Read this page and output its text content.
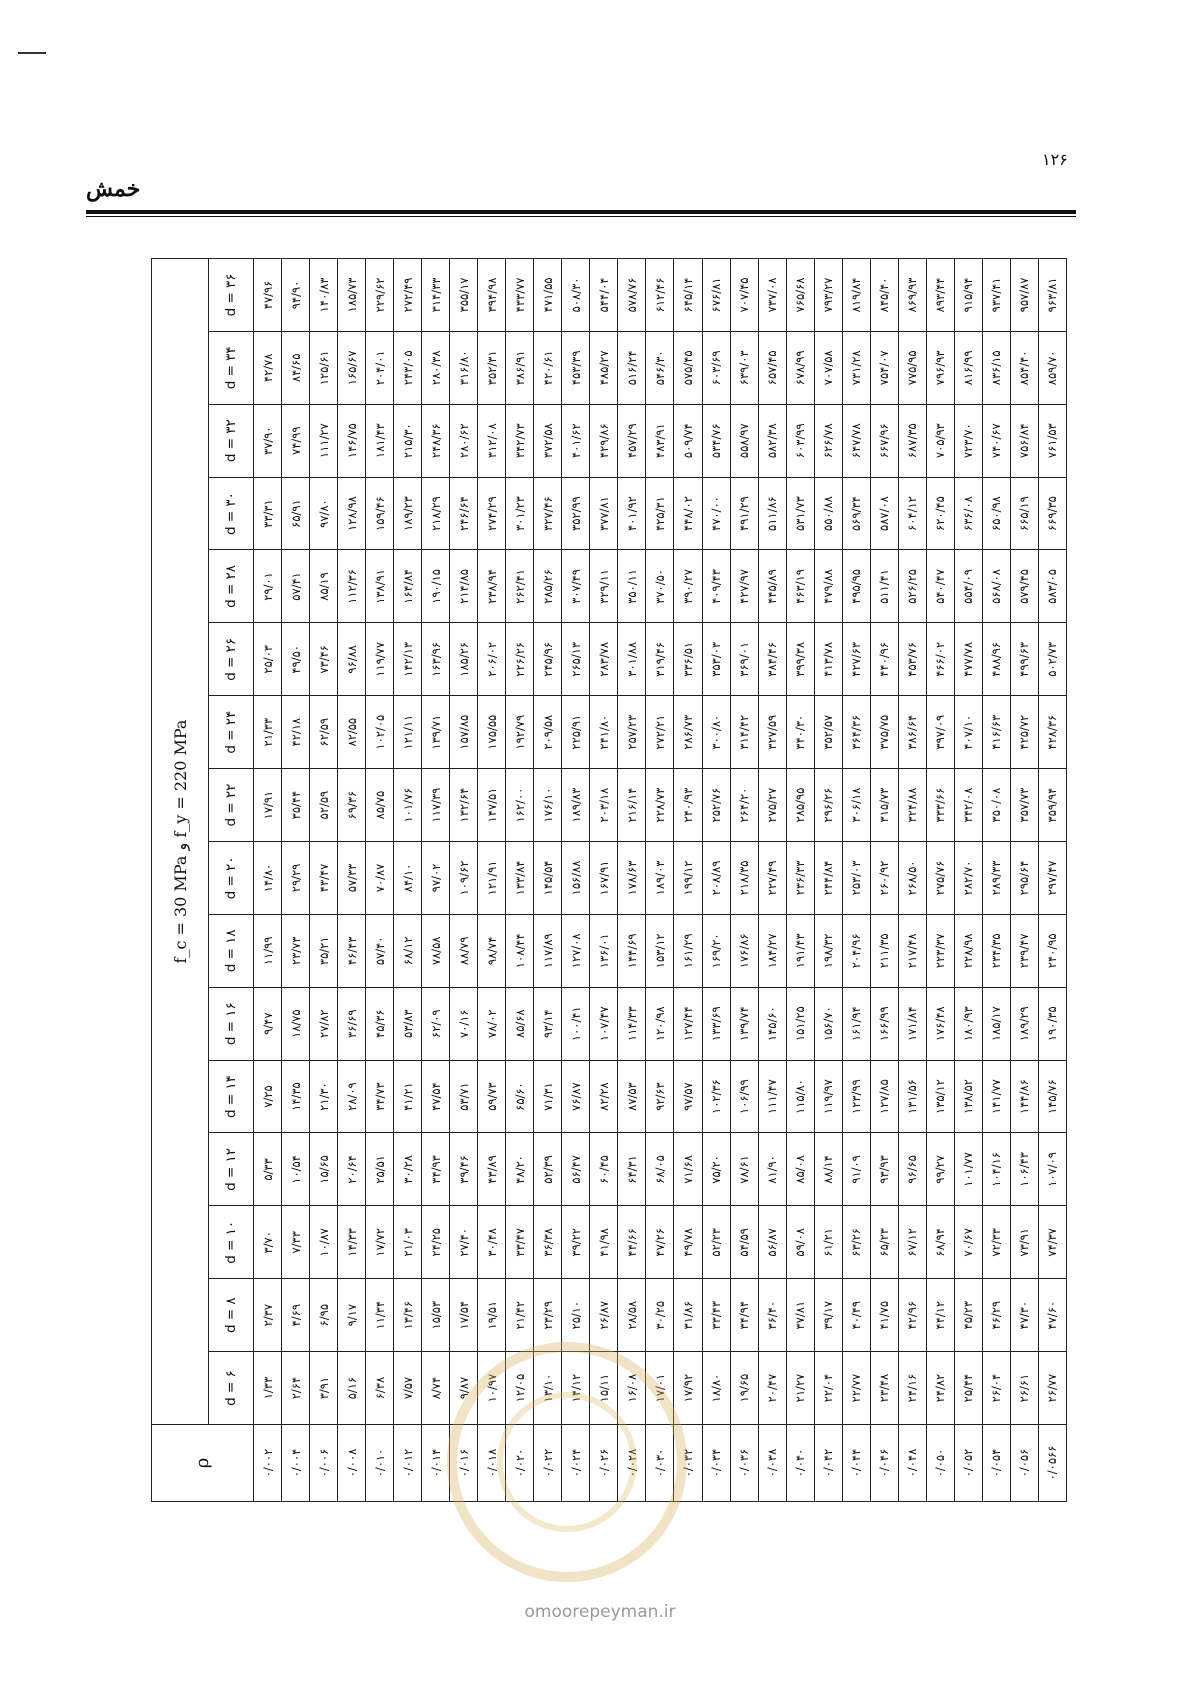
۱۲۶
خمش
ρ	f_c = 30 MPa و f_y = 220 MPa															
	d = ۶	d = ۸	d = ۱۰	d = ۱۲	d = ۱۴	d = ۱۶	d = ۱۸	d = ۲۰	d = ۲۲	d = ۲۴	d = ۲۶	d = ۲۸	d = ۳۰	d = ۳۲	d = ۳۴	d = ۳۶
۰/۰۰۲	۱/۳۳	۲/۳۷	۳/۷۰	۵/۳۳	۷/۲۵	۹/۴۷	۱۱/۹۹	۱۴/۸۰	۱۷/۹۱	۲۱/۳۳	۲۵/۰۳	۲۹/۰۱	۳۳/۳۱	۳۷/۹۰	۴۲/۷۸	۴۷/۹۶
۰/۰۰۴	۲/۶۴	۴/۶۹	۷/۳۳	۱۰/۵۴	۱۴/۳۵	۱۸/۷۵	۲۳/۷۳	۲۹/۲۹	۳۵/۴۴	۴۲/۱۸	۴۹/۵۰	۵۷/۴۱	۶۵/۹۱	۷۴/۹۹	۸۴/۶۵	۹۴/۹۰
۰/۰۰۶	۳/۹۱	۶/۹۵	۱۰/۸۷	۱۵/۶۵	۲۱/۳۰	۲۷/۸۲	۳۵/۲۱	۴۳/۴۷	۵۲/۵۹	۶۲/۵۹	۷۳/۴۶	۸۵/۱۹	۹۷/۸۰	۱۱۱/۲۷	۱۲۵/۶۱	۱۴۰/۸۳
۰/۰۰۸	۵/۱۶	۹/۱۷	۱۴/۳۳	۲۰/۶۴	۲۸/۰۹	۳۶/۶۹	۴۶/۴۳	۵۷/۳۳	۶۹/۳۶	۸۲/۵۵	۹۶/۸۸	۱۱۲/۳۶	۱۲۸/۹۸	۱۴۶/۷۵	۱۶۵/۶۷	۱۸۵/۷۳
۰/۰۱۰	۶/۳۸	۱۱/۳۴	۱۷/۷۲	۲۵/۵۱	۳۴/۷۳	۴۵/۳۶	۵۷/۴۰	۷۰/۸۷	۸۵/۷۵	۱۰۲/۰۵	۱۱۹/۷۷	۱۳۸/۹۱	۱۵۹/۴۶	۱۸۱/۴۳	۲۰۴/۰۱	۲۲۹/۶۲
۰/۰۱۲	۷/۵۷	۱۳/۴۶	۲۱/۰۳	۳۰/۲۸	۴۱/۲۱	۵۳/۸۳	۶۸/۱۲	۸۴/۱۰	۱۰۱/۷۶	۱۲۱/۱۱	۱۴۲/۱۳	۱۶۴/۸۴	۱۸۹/۲۳	۲۱۵/۳۰	۲۴۳/۰۵	۲۷۲/۴۹
۰/۰۱۴	۸/۷۴	۱۵/۵۳	۲۴/۲۵	۳۴/۹۳	۴۷/۵۴	۶۲/۰۹	۷۸/۵۸	۹۷/۰۲	۱۱۷/۳۹	۱۳۹/۷۱	۱۶۳/۹۶	۱۹۰/۱۵	۲۱۸/۲۹	۲۴۸/۳۶	۲۸۰/۳۸	۳۱۴/۳۳
۰/۰۱۶	۹/۸۷	۱۷/۵۴	۲۷/۴۰	۳۹/۴۶	۵۳/۷۱	۷۰/۱۶	۸۸/۷۹	۱۰۹/۶۲	۱۳۲/۶۴	۱۵۷/۸۵	۱۸۵/۲۶	۲۱۴/۸۵	۲۴۶/۶۴	۲۸۰/۶۲	۳۱۶/۸۰	۳۵۵/۱۷
۰/۰۱۸	۱۰/۹۷	۱۹/۵۱	۳۰/۴۸	۴۳/۸۹	۵۹/۷۳	۷۸/۰۲	۹۸/۷۴	۱۲۱/۹۱	۱۴۷/۵۱	۱۷۵/۵۵	۲۰۶/۰۲	۲۳۸/۹۴	۲۷۴/۲۹	۳۱۲/۰۸	۳۵۲/۳۱	۳۹۴/۹۸
۰/۰۲۰	۱۲/۰۵	۲۱/۴۲	۳۳/۴۷	۴۸/۲۰	۶۵/۶۰	۸۵/۶۸	۱۰۸/۴۴	۱۳۳/۸۴	۱۶۲/۰۰	۱۹۲/۷۹	۲۲۶/۲۶	۲۶۲/۴۱	۳۰۱/۲۳	۳۴۲/۷۳	۳۸۶/۹۱	۴۳۳/۷۷
۰/۰۲۲	۱۳/۱۰	۲۳/۲۹	۳۶/۳۸	۵۲/۳۹	۷۱/۳۱	۹۳/۱۴	۱۱۷/۸۹	۱۴۵/۵۴	۱۷۶/۱۰	۲۰۹/۵۸	۲۴۵/۹۶	۲۸۵/۲۶	۳۲۷/۴۶	۳۷۲/۵۸	۴۲۰/۶۱	۴۷۱/۵۵
۰/۰۲۴	۱۴/۱۲	۲۵/۱۰	۳۹/۲۲	۵۶/۴۷	۷۶/۸۷	۱۰۰/۴۱	۱۲۷/۰۸	۱۵۶/۸۸	۱۸۹/۸۳	۲۲۵/۹۱	۲۶۵/۱۳	۳۰۷/۴۹	۳۵۲/۹۹	۴۰۱/۶۲	۴۵۳/۳۹	۵۰۸/۳۰
۰/۰۲۶	۱۵/۱۱	۲۶/۸۷	۴۱/۹۸	۶۰/۴۵	۸۲/۲۸	۱۰۷/۴۷	۱۳۶/۰۱	۱۶۷/۹۱	۲۰۳/۱۸	۲۴۱/۸۰	۲۸۳/۷۸	۳۲۹/۱۱	۳۷۷/۸۱	۴۲۹/۸۶	۴۸۵/۲۷	۵۴۴/۰۴
۰/۰۲۸	۱۶/۰۸	۲۸/۵۸	۴۴/۶۶	۶۴/۳۱	۸۷/۵۳	۱۱۴/۳۳	۱۴۴/۶۹	۱۷۸/۶۳	۲۱۶/۱۴	۲۵۷/۲۳	۳۰۱/۸۸	۳۵۰/۱۱	۴۰۱/۹۲	۴۵۷/۲۹	۵۱۶/۲۴	۵۷۸/۷۶
۰/۰۳۰	۱۷/۰۱	۳۰/۲۵	۴۷/۲۶	۶۸/۰۵	۹۲/۶۳	۱۲۰/۹۸	۱۵۳/۱۲	۱۸۹/۰۳	۲۲۸/۷۳	۲۷۲/۲۱	۳۱۹/۴۶	۳۷۰/۵۰	۴۲۵/۳۱	۴۸۳/۹۱	۵۴۶/۳۰	۶۱۲/۴۶
۰/۰۳۲	۱۷/۹۲	۳۱/۸۶	۴۹/۷۸	۷۱/۶۸	۹۷/۵۷	۱۲۷/۴۴	۱۶۱/۲۹	۱۹۹/۱۲	۲۴۰/۹۳	۲۸۶/۷۳	۳۳۶/۵۱	۳۹۰/۲۷	۴۴۸/۰۲	۵۰۹/۷۴	۵۷۵/۴۵	۶۴۵/۱۴
۰/۰۳۴	۱۸/۸۰	۳۳/۴۳	۵۲/۲۳	۷۵/۲۰	۱۰۲/۳۶	۱۳۳/۶۹	۱۶۹/۲۰	۲۰۸/۸۹	۲۵۲/۷۶	۳۰۰/۸۰	۳۵۳/۰۳	۴۰۹/۴۳	۴۷۰/۰۰	۵۳۴/۷۶	۶۰۳/۶۹	۶۷۶/۸۱
۰/۰۳۶	۱۹/۶۵	۳۴/۹۴	۵۴/۵۹	۷۸/۶۱	۱۰۶/۹۹	۱۳۹/۷۴	۱۷۶/۸۶	۲۱۸/۳۵	۲۶۴/۲۰	۳۱۴/۴۲	۳۶۹/۰۱	۴۲۷/۹۷	۴۹۱/۲۹	۵۵۸/۹۷	۶۳۹/۰۳	۷۰۷/۴۵
۰/۰۳۸	۲۰/۴۷	۳۶/۴۰	۵۶/۸۷	۸۱/۹۰	۱۱۱/۴۷	۱۴۵/۶۰	۱۸۴/۲۷	۲۲۷/۴۹	۲۷۵/۲۷	۳۲۷/۵۹	۳۸۴/۴۶	۴۴۵/۸۹	۵۱۱/۸۶	۵۸۲/۳۸	۶۵۷/۴۵	۷۳۷/۰۸
۰/۰۴۰	۲۱/۲۷	۳۷/۸۱	۵۹/۰۸	۸۵/۰۸	۱۱۵/۸۰	۱۵۱/۲۵	۱۹۱/۴۳	۲۳۶/۳۳	۲۸۵/۹۵	۳۴۰/۳۰	۳۹۹/۳۸	۴۶۳/۱۹	۵۳۱/۷۳	۶۰۳/۹۹	۶۷۸/۹۹	۷۶۵/۶۸
۰/۰۴۲	۲۲/۰۴	۳۹/۱۷	۶۱/۲۱	۸۸/۱۴	۱۱۹/۹۷	۱۵۶/۷۰	۱۹۸/۳۲	۲۴۴/۸۴	۲۹۶/۲۶	۳۵۲/۵۷	۴۱۳/۷۸	۴۷۹/۸۸	۵۵۰/۸۸	۶۲۶/۷۸	۷۰۷/۵۸	۷۹۳/۲۷
۰/۰۴۴	۲۲/۷۷	۴۰/۴۹	۶۳/۲۶	۹۱/۰۹	۱۲۳/۹۹	۱۶۱/۹۴	۲۰۴/۹۶	۲۵۳/۰۳	۳۰۶/۱۸	۳۶۴/۳۶	۴۲۷/۶۳	۴۹۵/۹۵	۵۶۹/۳۴	۶۴۷/۷۸	۷۳۱/۲۸	۸۱۹/۸۴
۰/۰۴۶	۲۳/۴۸	۴۱/۷۵	۶۵/۲۳	۹۳/۹۳	۱۲۷/۸۵	۱۶۶/۹۹	۲۱۱/۳۵	۲۶۰/۹۲	۳۱۵/۷۳	۳۷۵/۷۵	۴۴۰/۹۶	۵۱۱/۴۱	۵۸۷/۰۸	۶۶۷/۹۶	۷۵۴/۰۷	۸۴۵/۴۰
۰/۰۴۸	۲۴/۱۶	۴۲/۹۶	۶۷/۱۲	۹۶/۶۵	۱۳۱/۵۶	۱۷۱/۸۴	۲۱۷/۴۸	۲۶۸/۵۰	۳۲۴/۸۸	۳۸۶/۶۴	۴۵۳/۷۶	۵۲۶/۲۵	۶۰۴/۱۲	۶۸۷/۳۵	۷۷۵/۹۵	۸۶۹/۹۳
۰/۰۵۰	۲۴/۸۲	۴۴/۱۲	۶۸/۹۴	۹۹/۲۷	۱۳۵/۱۲	۱۷۶/۴۸	۲۲۳/۳۷	۲۷۵/۷۶	۳۳۳/۶۶	۳۹۷/۰۹	۴۶۶/۰۲	۵۴۰/۴۷	۶۲۰/۴۵	۷۰۵/۹۳	۷۹۶/۹۳	۸۹۳/۴۴
۰/۰۵۲	۲۵/۴۴	۴۵/۲۳	۷۰/۶۷	۱۰۱/۷۷	۱۳۸/۵۲	۱۸۰/۹۳	۲۲۸/۹۸	۲۸۲/۷۰	۳۴۲/۰۸	۴۰۷/۱۰	۴۷۷/۷۸	۵۵۴/۰۹	۶۳۶/۰۸	۷۲۳/۷۰	۸۱۶/۹۹	۹۱۵/۹۴
۰/۰۵۴	۲۶/۰۴	۴۶/۲۹	۷۲/۳۳	۱۰۴/۱۶	۱۴۱/۷۷	۱۸۵/۱۷	۲۳۴/۳۵	۲۸۹/۳۳	۳۵۰/۰۸	۴۱۶/۶۳	۴۸۸/۹۶	۵۶۸/۰۸	۶۵۰/۹۸	۷۴۰/۶۷	۸۳۶/۱۵	۹۳۷/۴۱
۰/۰۵۶	۲۶/۶۱	۴۷/۳۰	۷۳/۹۱	۱۰۶/۴۳	۱۴۴/۸۶	۱۸۹/۲۹	۲۳۹/۴۷	۲۹۵/۶۴	۳۵۷/۷۳	۴۲۵/۷۲	۴۹۹/۶۳	۵۷۹/۴۵	۶۶۵/۱۹	۷۵۶/۸۴	۸۵۴/۴۰	۹۵۷/۸۷
۰/۰۵۶۶	۲۶/۷۷	۴۷/۶۰	۷۴/۳۷	۱۰۷/۰۹	۱۴۵/۷۶	۱۹۰/۳۵	۲۴۰/۹۵	۲۹۷/۴۷	۳۵۹/۹۴	۴۲۸/۳۶	۵۰۲/۷۳	۵۸۳/۰۵	۶۶۹/۳۵	۷۶۱/۵۳	۸۵۹/۷۰	۹۶۳/۸۱
omoorepeyman.ir
